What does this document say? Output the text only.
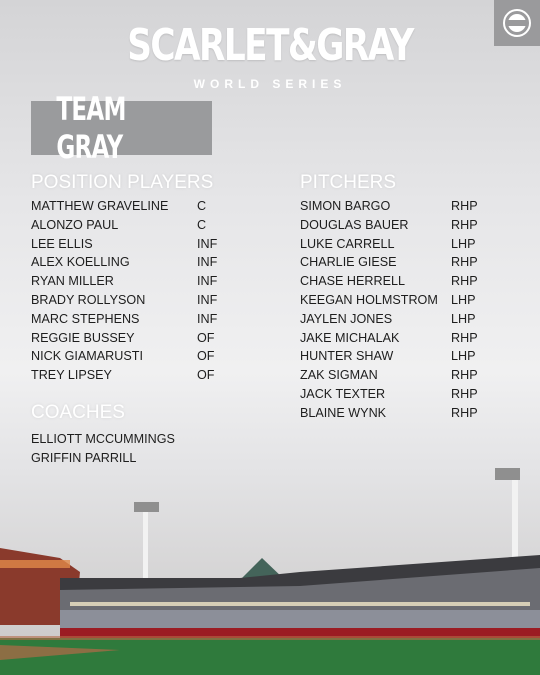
SCARLET&GRAY
WORLD SERIES
TEAM GRAY
POSITION PLAYERS
MATTHEW GRAVELINE C
ALONZO PAUL	C
LEE ELLIS	INF
ALEX KOELLING	INF
RYAN MILLER	INF
BRADY ROLLYSON	INF
MARC STEPHENS	INF
REGGIE BUSSEY	OF
NICK GIAMARUSTI	OF
TREY LIPSEY	OF
COACHES
ELLIOTT MCCUMMINGS
GRIFFIN PARRILL
PITCHERS
SIMON BARGO	RHP
DOUGLAS BAUER	RHP
LUKE CARRELL	LHP
CHARLIE GIESE	RHP
CHASE HERRELL	RHP
KEEGAN HOLMSTROM LHP
JAYLEN JONES	LHP
JAKE MICHALAK	RHP
HUNTER SHAW	LHP
ZAK SIGMAN	RHP
JACK TEXTER	RHP
BLAINE WYNK	RHP
